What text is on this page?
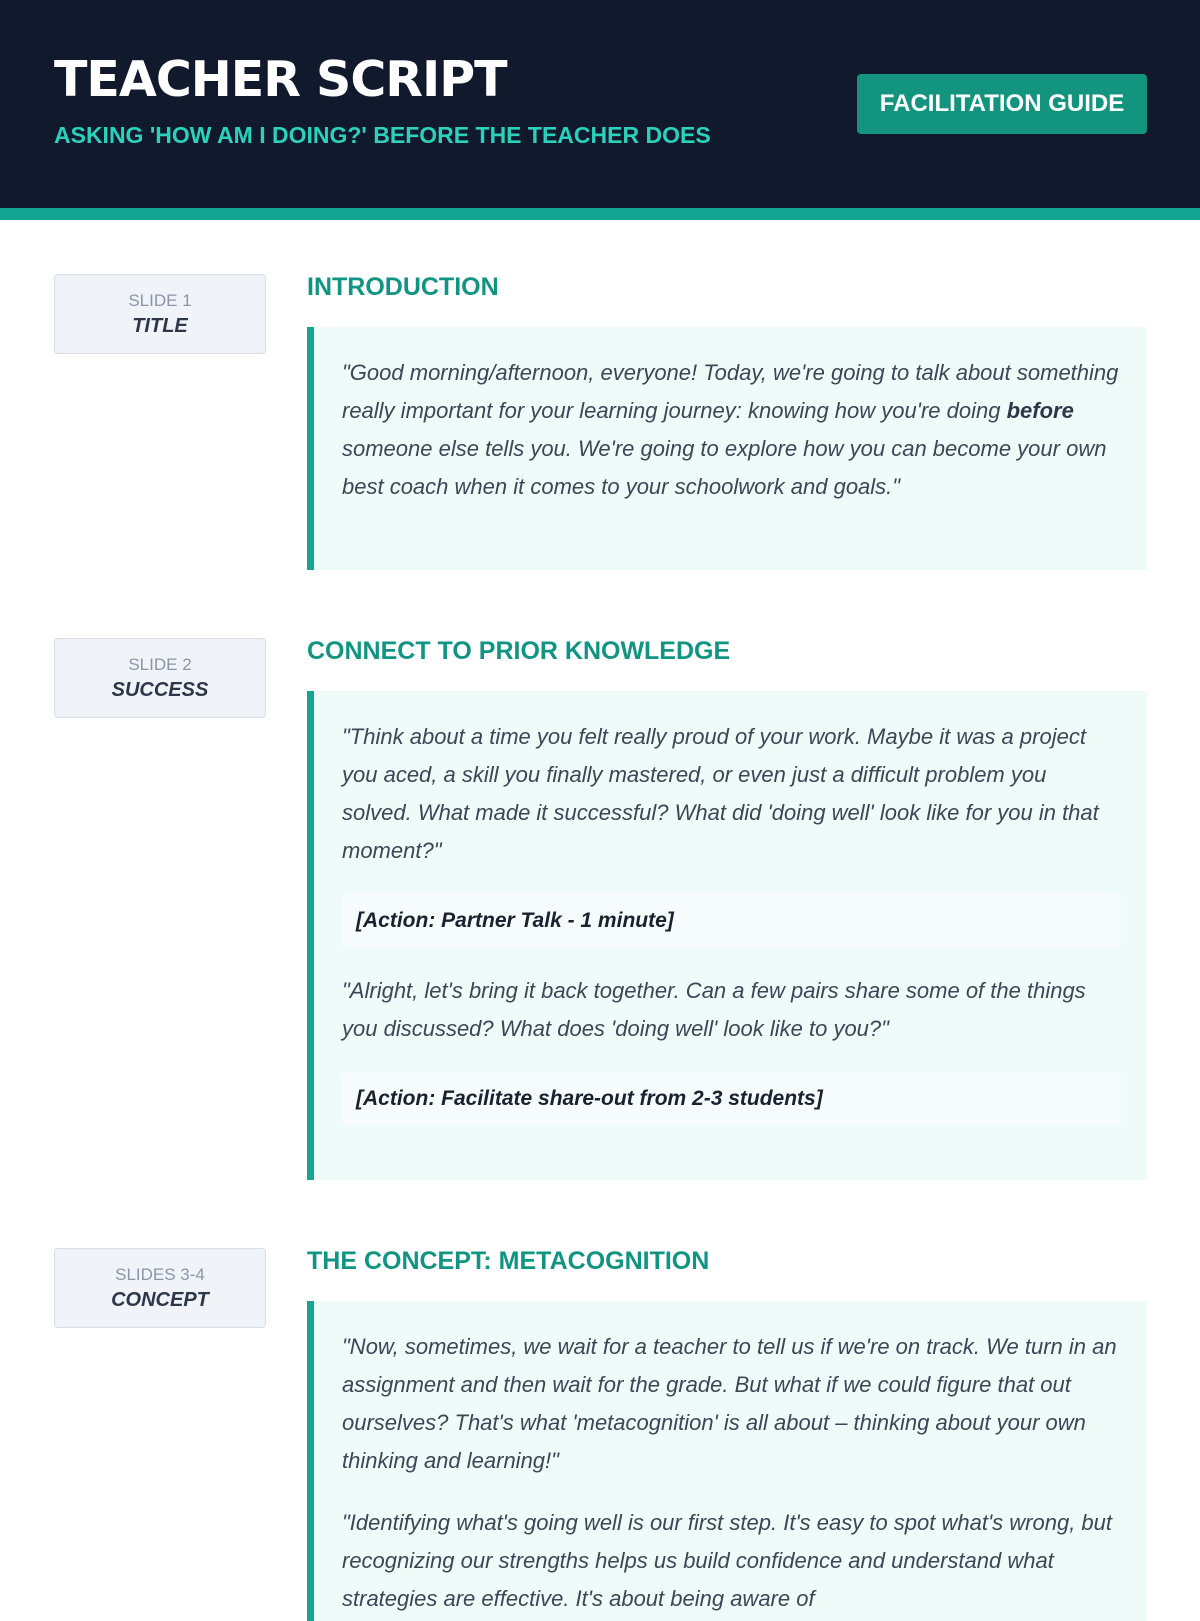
TEACHER SCRIPT
ASKING 'HOW AM I DOING?' BEFORE THE TEACHER DOES
FACILITATION GUIDE
SLIDE 1
TITLE
INTRODUCTION

"Good morning/afternoon, everyone! Today, we're going to talk about something really important for your learning journey: knowing how you're doing before someone else tells you. We're going to explore how you can become your own best coach when it comes to your schoolwork and goals."

SLIDE 2
SUCCESS
CONNECT TO PRIOR KNOWLEDGE

"Think about a time you felt really proud of your work. Maybe it was a project you aced, a skill you finally mastered, or even just a difficult problem you solved. What made it successful? What did 'doing well' look like for you in that moment?"

[Action: Partner Talk - 1 minute]

"Alright, let's bring it back together. Can a few pairs share some of the things you discussed? What does 'doing well' look like to you?"

[Action: Facilitate share-out from 2-3 students]
SLIDES 3-4
CONCEPT
THE CONCEPT: METACOGNITION

"Now, sometimes, we wait for a teacher to tell us if we're on track. We turn in an assignment and then wait for the grade. But what if we could figure that out ourselves? That's what 'metacognition' is all about – thinking about your own thinking and learning!"

"Identifying what's going well is our first step. It's easy to spot what's wrong, but recognizing our strengths helps us build confidence and understand what strategies are effective. It's about being aware of
